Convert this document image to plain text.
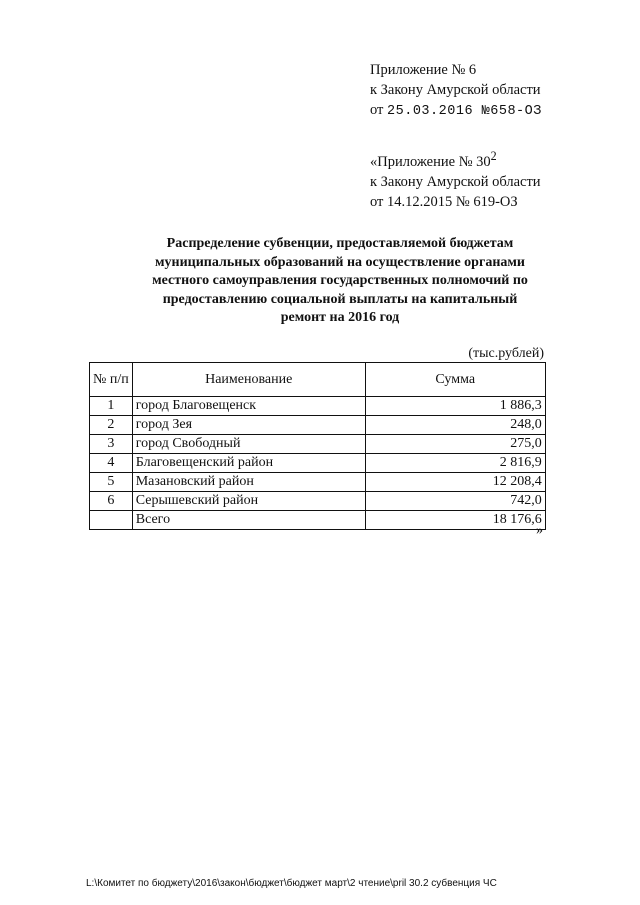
Приложение № 6
к Закону Амурской области
от 25.03.2016 №658-ОЗ
«Приложение № $30^2$
к Закону Амурской области
от 14.12.2015 № 619-ОЗ
Распределение субвенции, предоставляемой бюджетам
муниципальных образований на осуществление органами
местного самоуправления государственных полномочий по
предоставлению социальной выплаты на капитальный
ремонт на 2016 год
(тыс.рублей)
№ п/п	Наименование	Сумма
1	город Благовещенск	1 886,3
2	город Зея	248,0
3	город Свободный	275,0
4	Благовещенский район	2 816,9
5	Мазановский район	12 208,4
6	Серышевский район	742,0
	Всего	18 176,6
»
L:\Комитет по бюджету\2016\закон\бюджет\бюджет март\2 чтение\pril 30.2 субвенция ЧС
